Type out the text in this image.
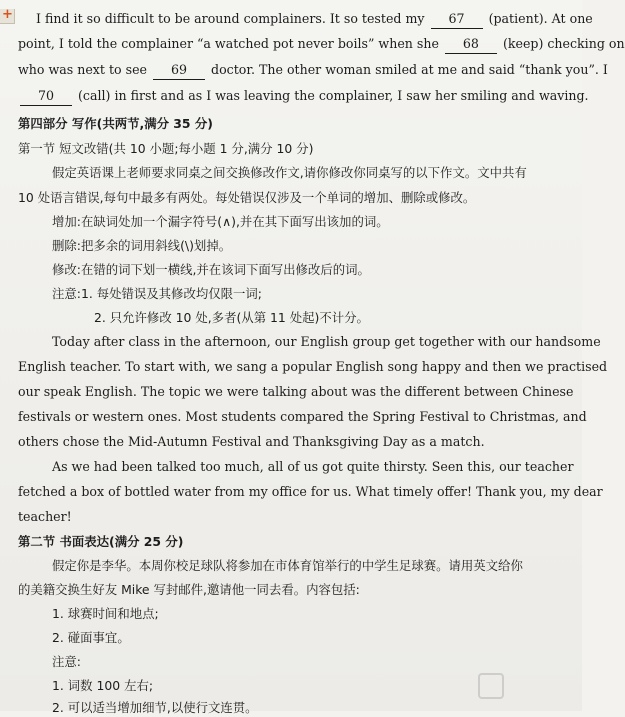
+ I find it so difficult to be around complainers. It so tested my 67 (patient). At one
point, I told the complainer “a watched pot never boils” when she 68 (keep) checking on
who was next to see 69 doctor. The other woman smiled at me and said “thank you”. I
70 (call) in first and as I was leaving the complainer, I saw her smiling and waving.
第四部分 写作(共两节,满分 35 分)
第一节 短文改错(共 10 小题;每小题 1 分,满分 10 分)
假定英语课上老师要求同桌之间交换修改作文,请你修改你同桌写的以下作文。文中共有
10 处语言错误,每句中最多有两处。每处错误仅涉及一个单词的增加、删除或修改。
增加:在缺词处加一个漏字符号(∧),并在其下面写出该加的词。
删除:把多余的词用斜线(\)划掉。
修改:在错的词下划一横线,并在该词下面写出修改后的词。
注意:1. 每处错误及其修改均仅限一词;
2. 只允许修改 10 处,多者(从第 11 处起)不计分。
Today after class in the afternoon, our English group get together with our handsome
English teacher. To start with, we sang a popular English song happy and then we practised
our speak English. The topic we were talking about was the different between Chinese
festivals or western ones. Most students compared the Spring Festival to Christmas, and
others chose the Mid-Autumn Festival and Thanksgiving Day as a match.
As we had been talked too much, all of us got quite thirsty. Seen this, our teacher
fetched a box of bottled water from my office for us. What timely offer! Thank you, my dear
teacher!
第二节 书面表达(满分 25 分)
假定你是李华。本周你校足球队将参加在市体育馆举行的中学生足球赛。请用英文给你
的美籍交换生好友 Mike 写封邮件,邀请他一同去看。内容包括:
1. 球赛时间和地点;
2. 碰面事宜。
注意:
1. 词数 100 左右;
2. 可以适当增加细节,以使行文连贯。
